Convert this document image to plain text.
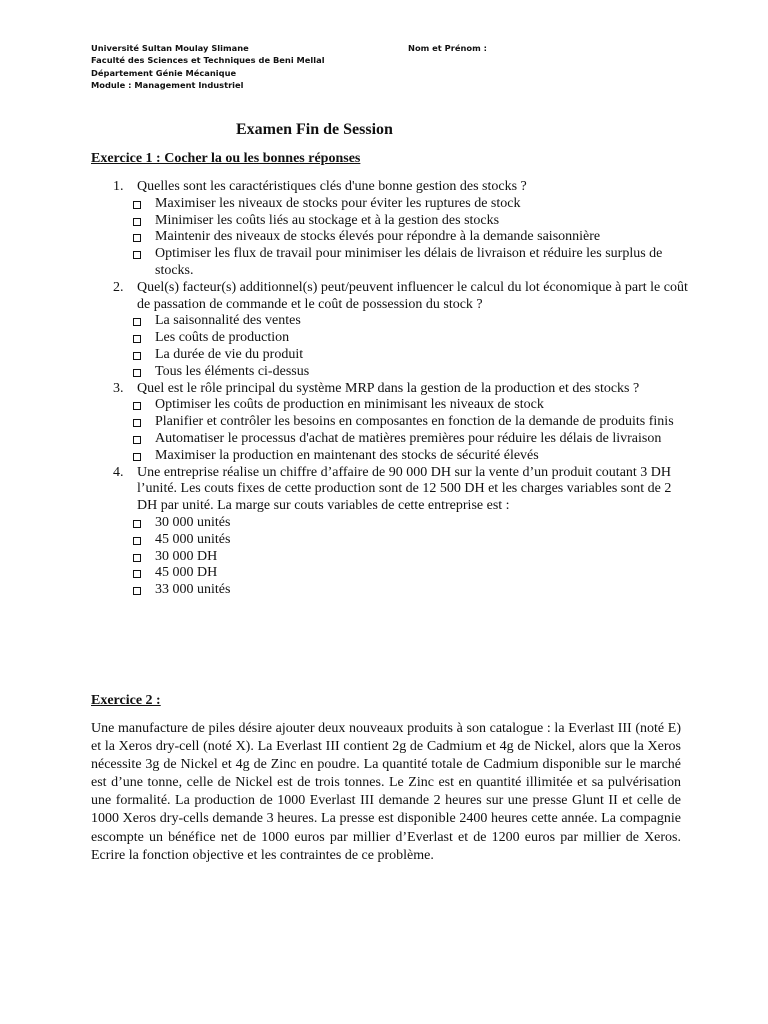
Université Sultan Moulay Slimane
Faculté des Sciences et Techniques de Beni Mellal
Département Génie Mécanique
Module : Management Industriel
Nom et Prénom :
Examen Fin de Session
Exercice 1 : Cocher la ou les bonnes réponses
1. Quelles sont les caractéristiques clés d'une bonne gestion des stocks ?
Maximiser les niveaux de stocks pour éviter les ruptures de stock
Minimiser les coûts liés au stockage et à la gestion des stocks
Maintenir des niveaux de stocks élevés pour répondre à la demande saisonnière
Optimiser les flux de travail pour minimiser les délais de livraison et réduire les surplus de stocks.
2. Quel(s) facteur(s) additionnel(s) peut/peuvent influencer le calcul du lot économique à part le coût de passation de commande et le coût de possession du stock ?
La saisonnalité des ventes
Les coûts de production
La durée de vie du produit
Tous les éléments ci-dessus
3. Quel est le rôle principal du système MRP dans la gestion de la production et des stocks ?
Optimiser les coûts de production en minimisant les niveaux de stock
Planifier et contrôler les besoins en composantes en fonction de la demande de produits finis
Automatiser le processus d'achat de matières premières pour réduire les délais de livraison
Maximiser la production en maintenant des stocks de sécurité élevés
4. Une entreprise réalise un chiffre d’affaire de 90 000 DH sur la vente d’un produit coutant 3 DH l’unité. Les couts fixes de cette production sont de 12 500 DH et les charges variables sont de 2 DH par unité. La marge sur couts variables de cette entreprise est :
30 000 unités
45 000 unités
30 000 DH
45 000 DH
33 000 unités
Exercice 2 :
Une manufacture de piles désire ajouter deux nouveaux produits à son catalogue : la Everlast III (noté E) et la Xeros dry-cell (noté X). La Everlast III contient 2g de Cadmium et 4g de Nickel, alors que la Xeros nécessite 3g de Nickel et 4g de Zinc en poudre. La quantité totale de Cadmium disponible sur le marché est d’une tonne, celle de Nickel est de trois tonnes. Le Zinc est en quantité illimitée et sa pulvérisation une formalité. La production de 1000 Everlast III demande 2 heures sur une presse Glunt II et celle de 1000 Xeros dry-cells demande 3 heures. La presse est disponible 2400 heures cette année. La compagnie escompte un bénéfice net de 1000 euros par millier d’Everlast et de 1200 euros par millier de Xeros. Ecrire la fonction objective et les contraintes de ce problème.
